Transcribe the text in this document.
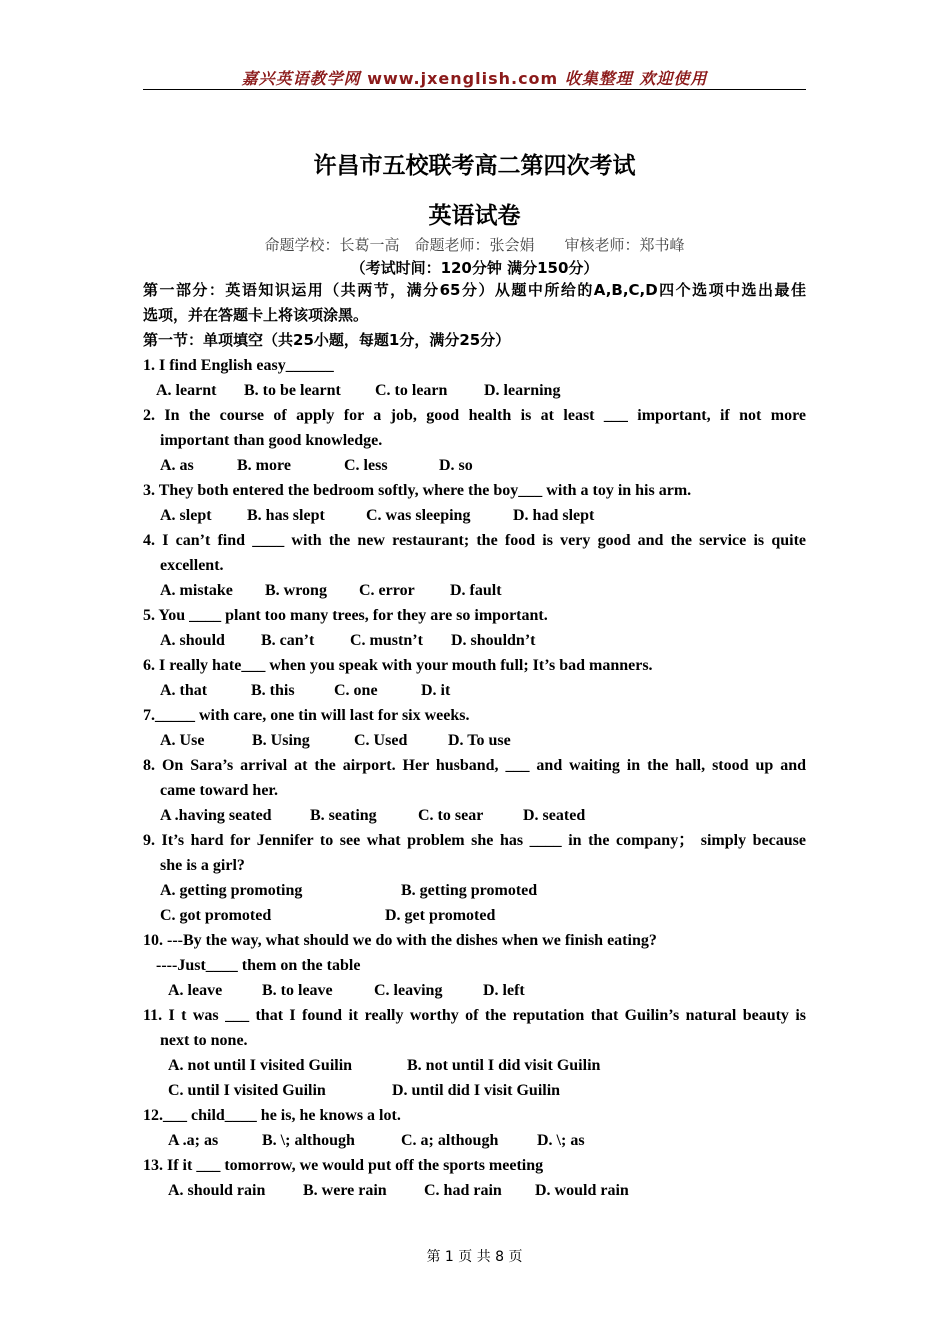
嘉兴英语教学网 www.jxenglish.com 收集整理 欢迎使用
许昌市五校联考高二第四次考试
英语试卷
命题学校：长葛一高　命题老师：张会娟　　审核老师：郑书峰
（考试时间：120分钟 满分150分）
第一部分：英语知识运用（共两节，满分65分）从题中所给的A,B,C,D四个选项中选出最佳
选项，并在答题卡上将该项涂黑。
第一节：单项填空（共25小题，每题1分，满分25分）
1. I find English easy______
A. learnt B. to be learnt C. to learn D. learning
2. In the course of apply for a job, good health is at least ___ important, if not more
important than good knowledge.
A. as	B. more	C. less	D. so
3. They both entered the bedroom softly, where the boy___ with a toy in his arm.
A. slept B. has slept	C. was sleeping	D. had slept
4. I can’t find ____ with the new restaurant; the food is very good and the service is quite
excellent.
A. mistake B. wrong C. error D. fault
5. You ____ plant too many trees, for they are so important.
A. should B. can’t C. mustn’t D. shouldn’t
6. I really hate___ when you speak with your mouth full; It’s bad manners.
A. that	B. this C. one	D. it
7._____ with care, one tin will last for six weeks.
A. Use	B. Using	C. Used	D. To use
8. On Sara’s arrival at the airport. Her husband, ___ and waiting in the hall, stood up and
came toward her.
A .having seated B. seating	C. to sear D. seated
9. It’s hard for Jennifer to see what problem she has ____ in the company； simply because
she is a girl?
A. getting promoting	B. getting promoted
C. got promoted	D. get promoted
10. ---By the way, what should we do with the dishes when we finish eating?
----Just____ them on the table
A. leave B. to leave	C. leaving	D. left
11. I t was ___ that I found it really worthy of the reputation that Guilin’s natural beauty is
next to none.
A. not until I visited Guilin	B. not until I did visit Guilin
C. until I visited Guilin	D. until did I visit Guilin
12.___ child____ he is, he knows a lot.
A .a; as	B. \; although	C. a; although D. \; as
13. If it ___ tomorrow, we would put off the sports meeting
A. should rain B. were rain C. had rain D. would rain
第 1 页 共 8 页
